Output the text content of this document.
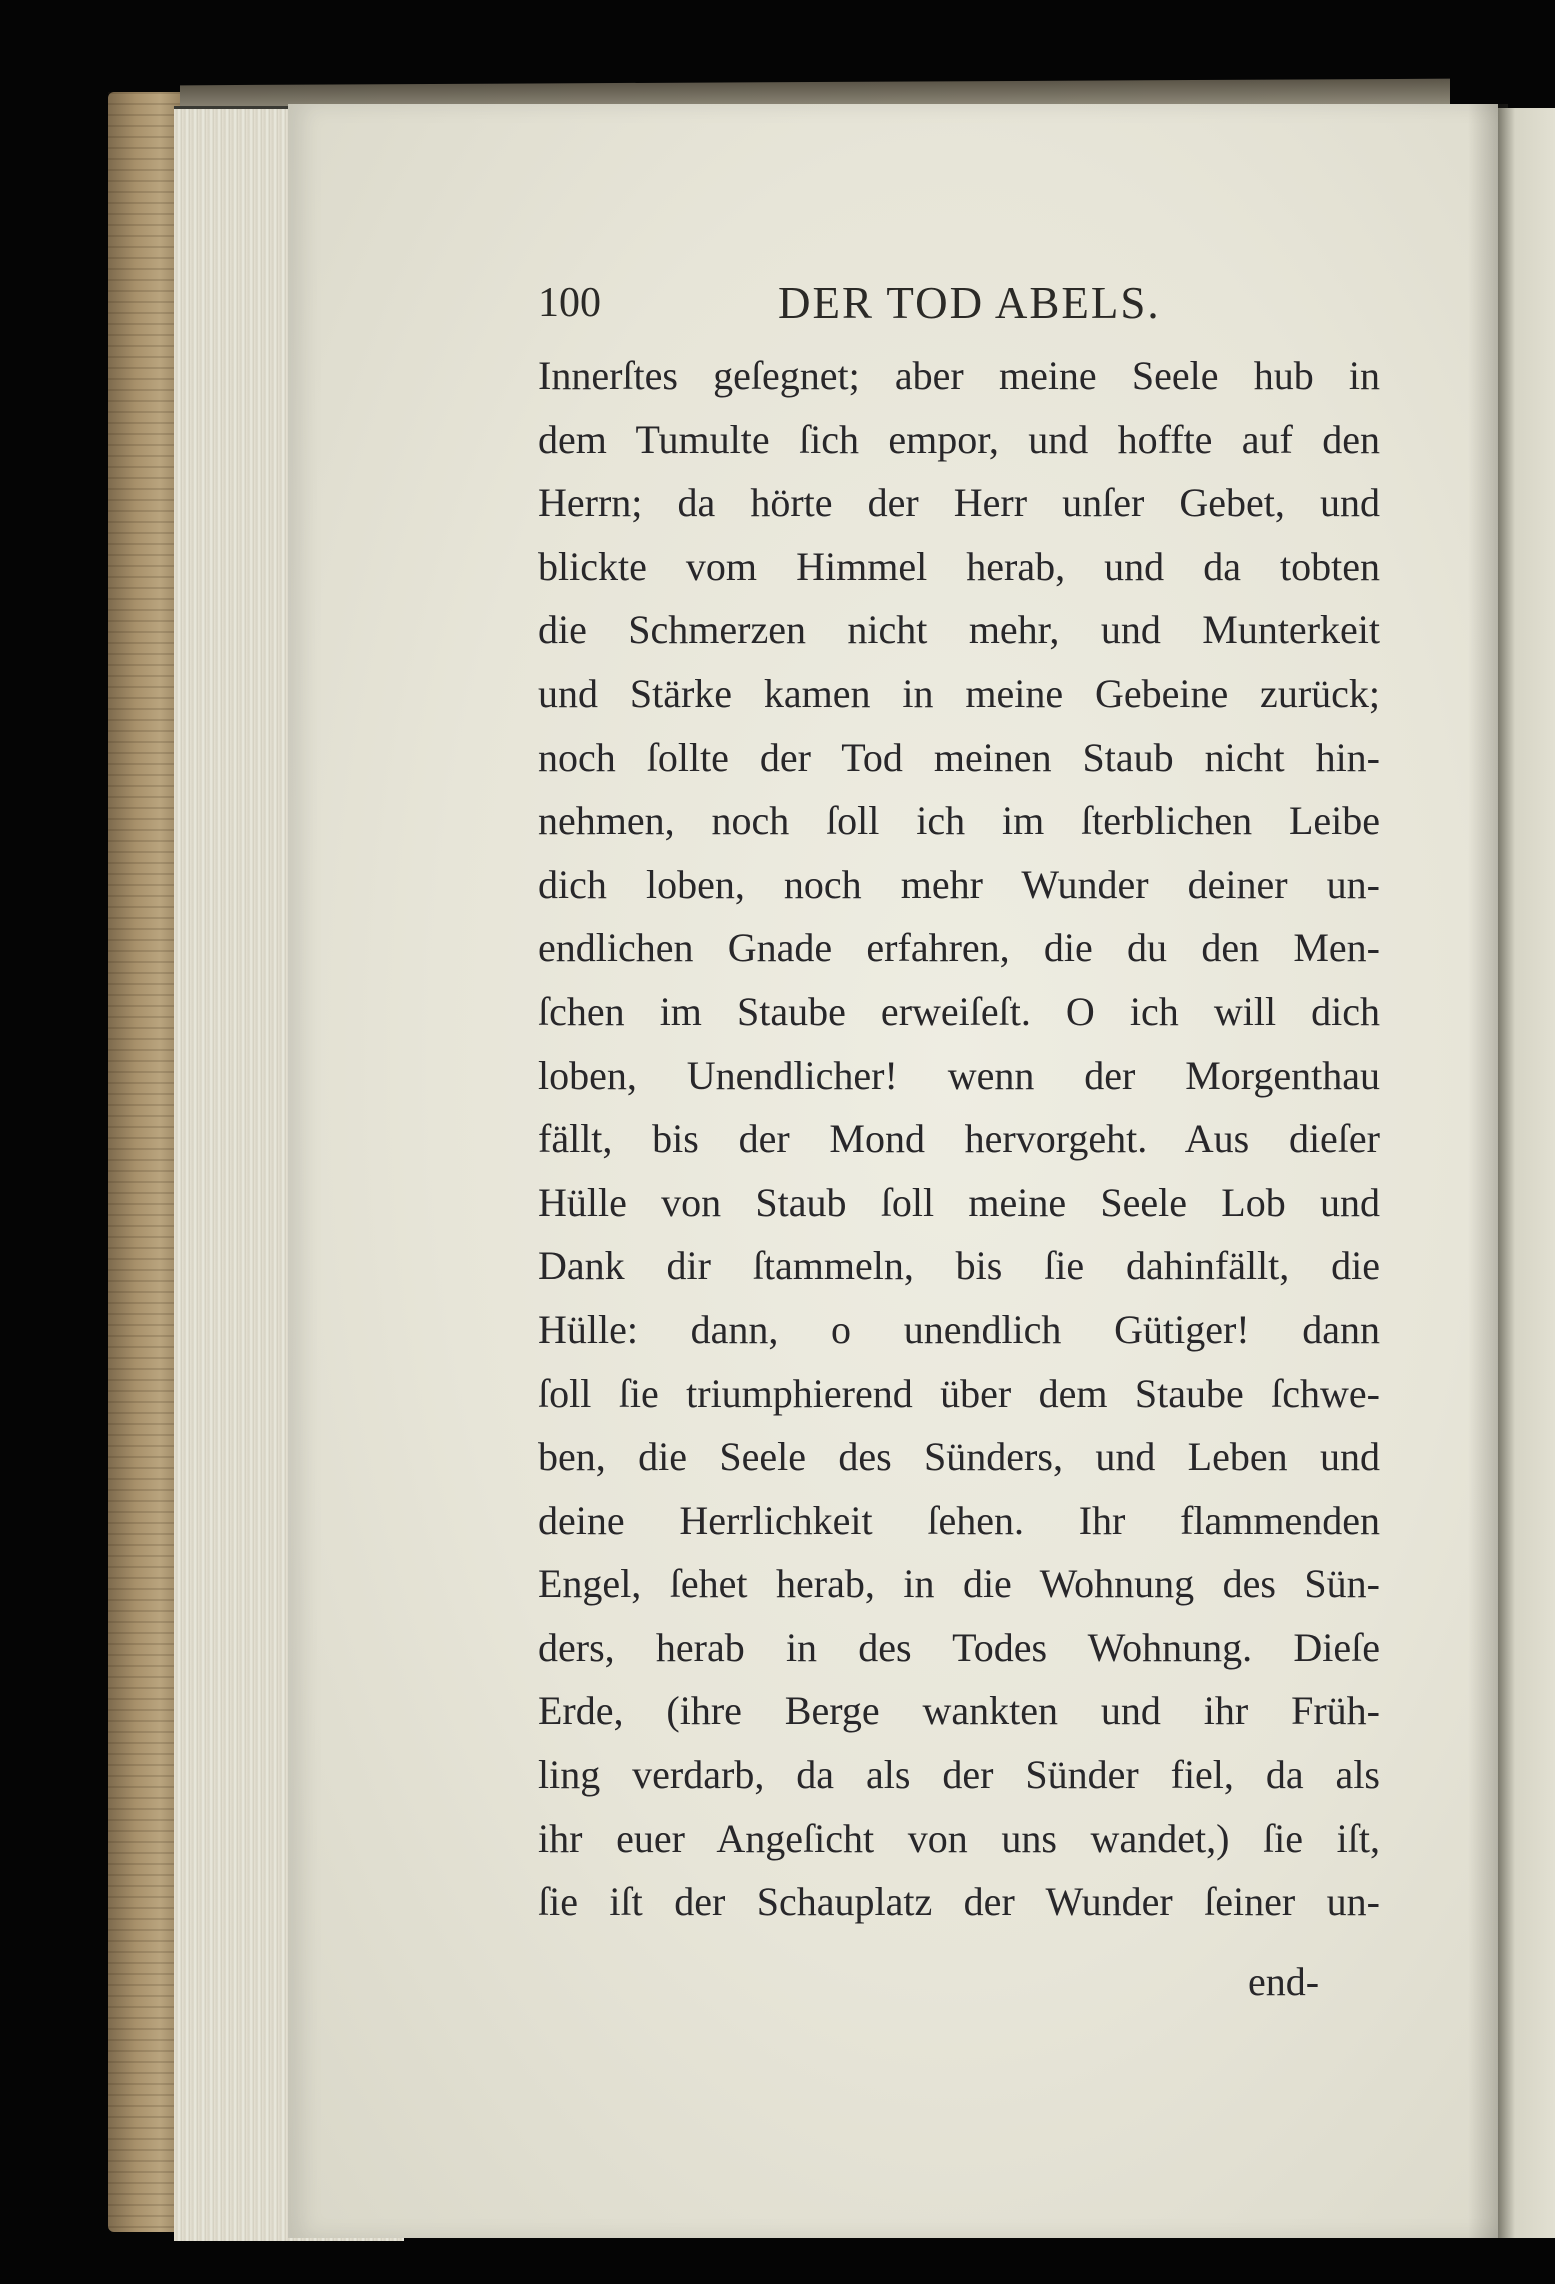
100	DER TOD ABELS.
Innerſtes geſegnet; aber meine Seele hub in
dem Tumulte ſich empor, und hoffte auf den
Herrn; da hörte der Herr unſer Gebet, und
blickte vom Himmel herab, und da tobten
die Schmerzen nicht mehr, und Munterkeit
und Stärke kamen in meine Gebeine zurück;
noch ſollte der Tod meinen Staub nicht hin-
nehmen, noch ſoll ich im ſterblichen Leibe
dich loben, noch mehr Wunder deiner un-
endlichen Gnade erfahren, die du den Men-
ſchen im Staube erweiſeſt. O ich will dich
loben, Unendlicher! wenn der Morgenthau
fällt, bis der Mond hervorgeht. Aus dieſer
Hülle von Staub ſoll meine Seele Lob und
Dank dir ſtammeln, bis ſie dahinfällt, die
Hülle: dann, o unendlich Gütiger! dann
ſoll ſie triumphierend über dem Staube ſchwe-
ben, die Seele des Sünders, und Leben und
deine Herrlichkeit ſehen. Ihr flammenden
Engel, ſehet herab, in die Wohnung des Sün-
ders, herab in des Todes Wohnung. Dieſe
Erde, (ihre Berge wankten und ihr Früh-
ling verdarb, da als der Sünder fiel, da als
ihr euer Angeſicht von uns wandet,) ſie iſt,
ſie iſt der Schauplatz der Wunder ſeiner un-
end-
